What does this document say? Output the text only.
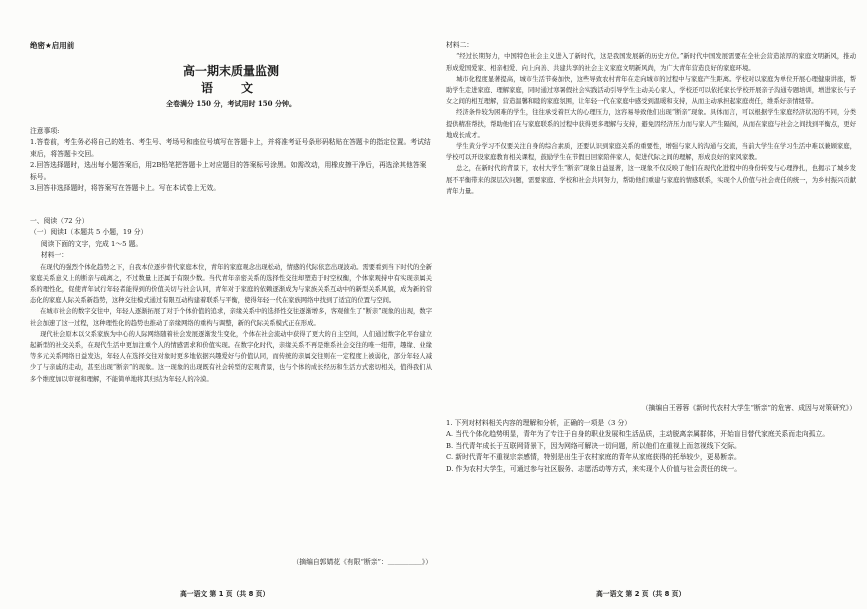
绝密★启用前
高一期末质量监测
语　文
全卷满分 150 分，考试用时 150 分钟。

注意事项:

1.答卷前，考生务必将自己的姓名、考生号、考场号和座位号填写在答题卡上，并将准考证号条形码粘贴在答题卡的指定位置。考试结束后，将答题卡交回。

2.回答选择题时，选出每小题答案后，用2B铅笔把答题卡上对应题目的答案标号涂黑。如需改动，用橡皮擦干净后，再选涂其他答案标号。

3.回答非选择题时，将答案写在答题卡上。写在本试卷上无效。

一、阅读（72 分）

（一）阅读Ⅰ（本题共 5 小题，19 分）

阅读下面的文字，完成 1～5 题。

材料一：

在现代的强烈个体化趋势之下，自我本位逐步替代家庭本位，青年的家庭观念出现松动，情感的代际依恋出现波动。需要看到当下时代的全新家庭关系意义上的断亲与疏离之，不过数量上还属于有限少数。当代青年亲密关系的选择性交往却塑造于时空权衡，个体家观持中有实现亲属关系的理性化，促使青年试行年轻者能得到的价值关切与社会认同，青年对于家庭的依赖逐渐成为与家族关系互动中的新型关系风貌，成为新的常态化的家庭人际关系新趋势，这种交往模式通过有限互动构建着联系与平衡，使得年轻一代在家族网络中找到了适宜的位置与空间。

在城市社会的数字交往中，年轻人逐渐拓展了对于个体价值的追求，亲缘关系中的选择性交往逐渐增多，客观催生了“断亲”现象的出现，数字社会加速了这一过程，这种理性化的趋势也推动了亲缘网络的重构与调整，新的代际关系模式正在形成。

现代社会原本以父系家族为中心的人际网络随着社会发展逐渐发生变化，个体在社会流动中获得了更大的自主空间，人们通过数字化平台建立起新型的社交关系，在现代生活中更加注重个人的情感需求和价值实现。在数字化时代，亲缘关系不再是维系社会交往的唯一纽带，趣缘、业缘等多元关系网络日益发达，年轻人在选择交往对象时更多地依据兴趣爱好与价值认同，而传统的亲属交往则在一定程度上被弱化，部分年轻人减少了与亲戚的走动，甚至出现“断亲”的现象。这一现象的出现既有社会转型的宏观背景，也与个体的成长经历和生活方式密切相关，值得我们从多个维度加以审视和理解，不能简单地将其归结为年轻人的冷漠。

（摘编自郭婧花《有限“断亲”：＿＿＿＿＿》）

高一语文 第 1 页（共 8 页）

材料二：

“经过长期努力，中国特色社会主义进入了新时代，这是我国发展新的历史方位。”新时代中国发展需要在全社会营造浓厚的家庭文明新风，推动形成爱国爱家、相亲相爱、向上向善、共建共享的社会主义家庭文明新风尚，为广大青年营造良好的家庭环境。

城市化程度显著提高，城市生活节奏加快，这些导致农村青年在走向城市的过程中与家庭产生距离。学校对以家庭为单位开展心理健康讲座，帮助学生走进家庭、理解家庭，同时通过寒暑假社会实践活动引导学生主动关心家人，学校还可以依托家长学校开展亲子沟通专题培训，增进家长与子女之间的相互理解，营造温馨和睦的家庭氛围，让年轻一代在家庭中感受到温暖和支持，从而主动承担起家庭责任，维系好亲情纽带。

经济条件较为困难的学生，往往承受着巨大的心理压力，这容易导致他们出现“断亲”现象。具体而言，可以根据学生家庭经济状况的不同，分类提供精准帮扶，帮助他们在与家庭联系的过程中获得更多理解与支持，避免因经济压力而与家人产生隔阂，从而在家庭与社会之间找到平衡点，更好地成长成才。

学生黄分学习不仅要关注自身的综合素质，还要认识到家庭关系的重要性，增强与家人的沟通与交流，当前大学生在学习生活中难以兼顾家庭，学校可以开设家庭教育相关课程，鼓励学生在节假日回家陪伴家人，促进代际之间的理解，形成良好的家风家教。

总之，在新时代的背景下，农村大学生“断亲”现象日益显著，这一现象不仅反映了他们在现代化进程中的身份转变与心理挣扎，也揭示了城乡发展不平衡带来的深层次问题，需要家庭、学校和社会共同努力，帮助他们重建与家庭的情感联系，实现个人价值与社会责任的统一，为乡村振兴贡献青年力量。

（摘编自王蓉蓉《新时代农村大学生“断亲”的危害、成因与对策研究》）

1. 下列对材料相关内容的理解和分析，正确的一项是（3 分）

A. 当代个体化趋势明显，青年为了专注于自身的职业发展和生活品质，主动脱离亲属群体，开始盲目替代家庭关系而走向孤立。

B. 当代青年成长于互联网背景下，因为网络可解决一切问题，所以他们在重视上而忽视线下交际。

C. 新时代青年不重视宗亲感情，特别是出生于农村家庭的青年从家庭获得的托举较少，更易断亲。

D. 作为农村大学生，可通过参与社区服务、志愿活动等方式，来实现个人价值与社会责任的统一。

高一语文 第 2 页（共 8 页）
